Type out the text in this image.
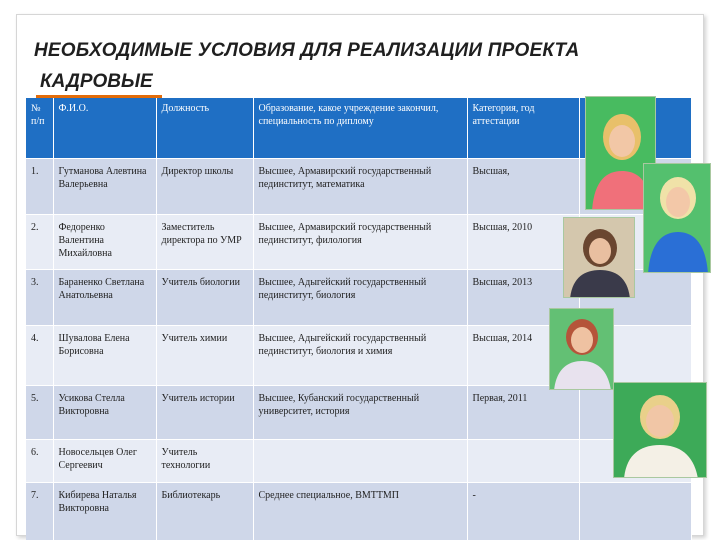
НЕОБХОДИМЫЕ УСЛОВИЯ ДЛЯ РЕАЛИЗАЦИИ ПРОЕКТА
КАДРОВЫЕ
№ п/п	Ф.И.О.	Должность	Образование, какое учреждение закончил, специальность по диплому	Категория, год аттестации	
1.	Гутманова Алевтина Валерьевна	Директор школы	Высшее, Армавирский государственный пединститут, математика	Высшая,	
2.	Федоренко Валентина Михайловна	Заместитель директора по УМР	Высшее, Армавирский государственный пединститут, филология	Высшая, 2010	
3.	Бараненко Светлана Анатольевна	Учитель биологии	Высшее, Адыгейский государственный пединститут, биология	Высшая, 2013	
4.	Шувалова Елена Борисовна	Учитель химии	Высшее, Адыгейский государственный пединститут, биология и химия	Высшая, 2014	
5.	Усикова Стелла Викторовна	Учитель истории	Высшее, Кубанский государственный университет, история	Первая, 2011	
6.	Новосельцев Олег Сергеевич	Учитель технологии			
7.	Кибирева Наталья Викторовна	Библиотекарь	Среднее специальное, ВМТТМП	-	
